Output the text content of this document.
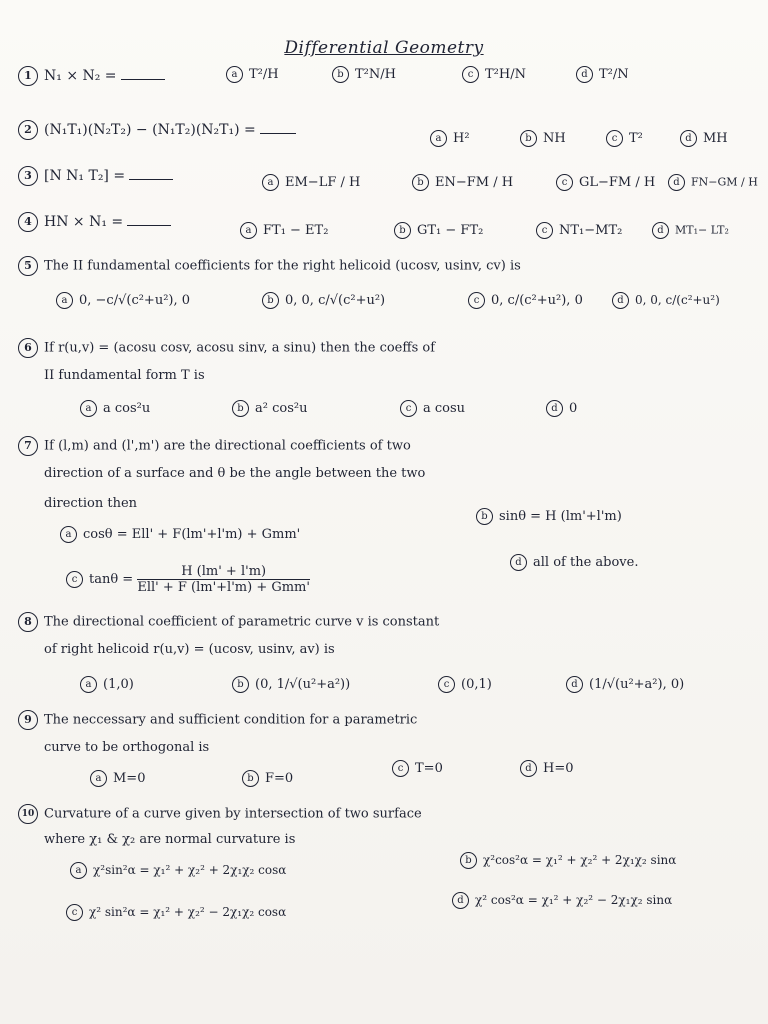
Differential Geometry
1 N₁ × N₂ =	a T²/H	b T²N/H	c T²H/N	d T²/N
2 (N₁T₁)(N₂T₂) − (N₁T₂)(N₂T₁) =
a H²	b NH	c T²	d MH
3 [N N₁ T₂] =	a EM−LF / H	b EN−FM / H	c GL−FM / H	d FN−GM / H
4 HN × N₁ =
a FT₁ − ET₂	b GT₁ − FT₂	c NT₁−MT₂	d MT₁− LT₂
5 The II fundamental coefficients for the right helicoid (ucosv, usinv, cv) is
a 0, −c/√(c²+u²), 0	b 0, 0, c/√(c²+u²)	c 0, c/(c²+u²), 0	d 0, 0, c/(c²+u²)
6 If r(u,v) = (acosu cosv, acosu sinv, a sinu) then the coeffs of
II fundamental form T is
a a cos²u	b a² cos²u	c a cosu	d 0
7 If (l,m) and (l',m') are the directional coefficients of two
direction of a surface and θ be the angle between the two
direction then
a cosθ = Ell' + F(lm'+l'm) + Gmm'
b sinθ = H (lm'+l'm)
c $\tan\theta = \frac{H (lm' + l'm)}{\text{Ell' + F (lm'+l'm) + Gmm'}}$
d all of the above.
8 The directional coefficient of parametric curve v is constant
of right helicoid r(u,v) = (ucosv, usinv, av) is
a (1,0)	b (0, 1/√(u²+a²))	c (0,1)	d (1/√(u²+a²), 0)
9 The neccessary and sufficient condition for a parametric
curve to be orthogonal is
a M=0	b F=0
c T=0	d H=0
10 Curvature of a curve given by intersection of two surface
where χ₁ & χ₂ are normal curvature is
a χ²sin²α = χ₁² + χ₂² + 2χ₁χ₂ cosα
b χ²cos²α = χ₁² + χ₂² + 2χ₁χ₂ sinα
c χ² sin²α = χ₁² + χ₂² − 2χ₁χ₂ cosα
d χ² cos²α = χ₁² + χ₂² − 2χ₁χ₂ sinα
